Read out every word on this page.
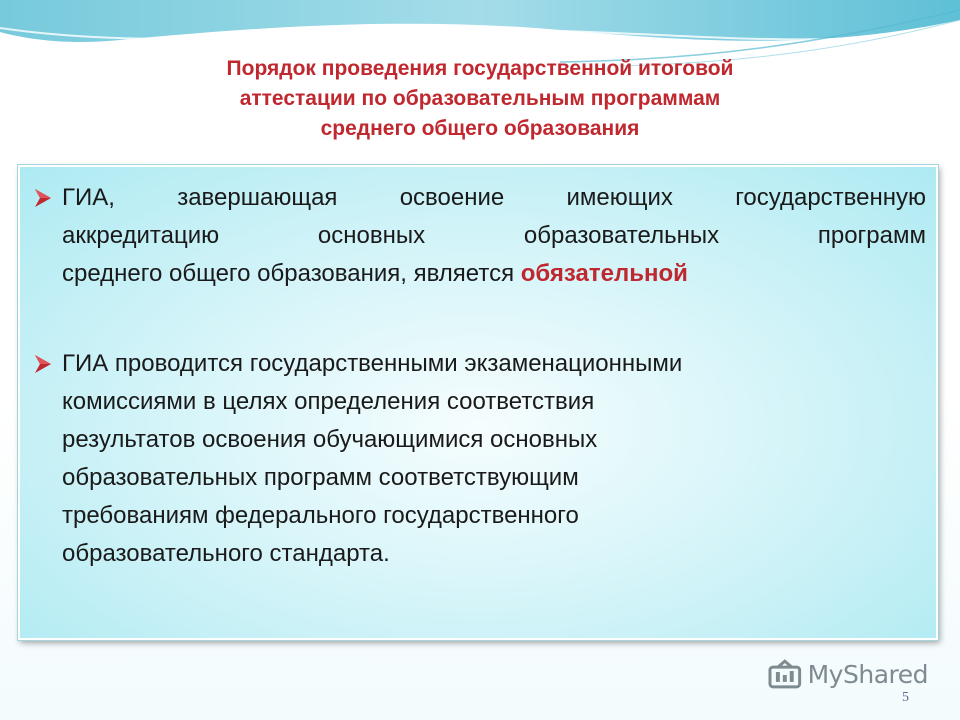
Порядок проведения государственной итоговой
аттестации по образовательным программам
среднего общего образования
ГИА, завершающая освоение имеющих государственную
аккредитацию основных образовательных программ
среднего общего образования, является обязательной
ГИА проводится государственными экзаменационными
комиссиями в целях определения соответствия
результатов освоения обучающимися основных
образовательных программ соответствующим
требованиям федерального государственного
образовательного стандарта.
MyShared
5
